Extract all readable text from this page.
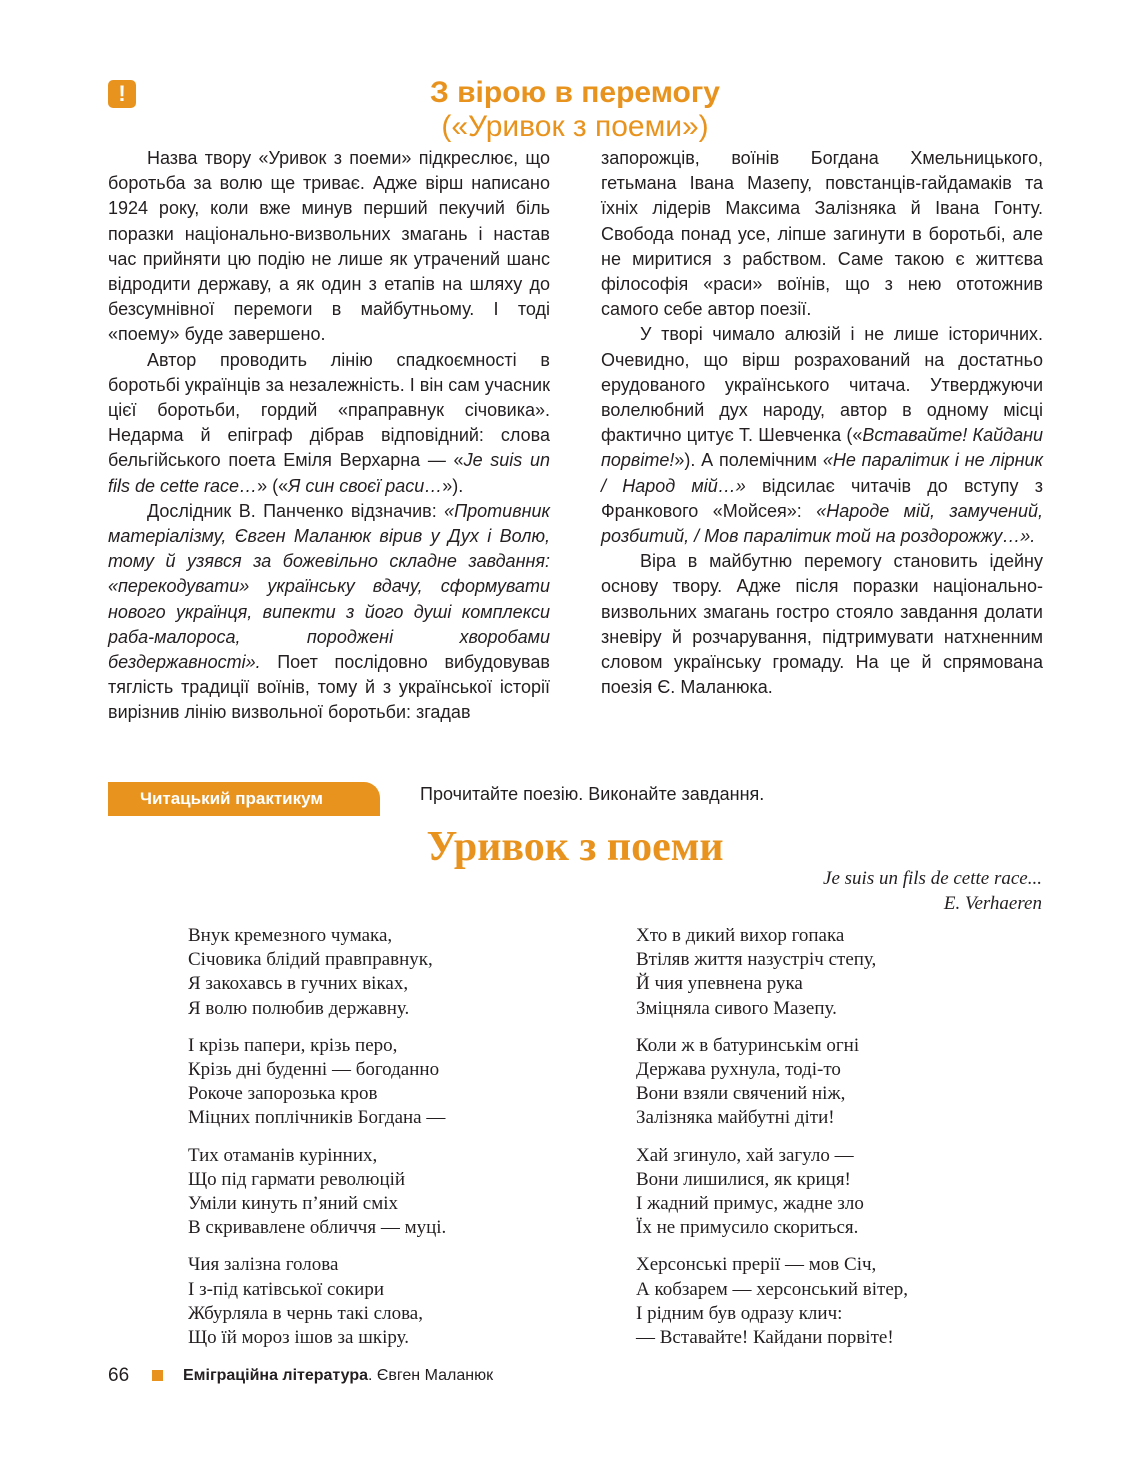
!	З вірою в перемогу
(«Уривок з поеми»)

Назва твору «Уривок з поеми» підкреслює, що боротьба за волю ще триває. Адже вірш написано 1924 року, коли вже минув перший пекучий біль поразки національно-визвольних змагань і настав час прийняти цю подію не лише як утрачений шанс відродити державу, а як один з етапів на шляху до безсумнівної перемоги в майбутньому. І тоді «поему» буде завершено.

Автор проводить лінію спадкоємності в боротьбі українців за незалежність. І він сам учасник цієї боротьби, гордий «праправнук січовика». Недарма й епіграф дібрав відповідний: слова бельгійського поета Еміля Верхарна — «Je suis un fils de cette race…» («Я син своєї раси…»).

Дослідник В. Панченко відзначив: «Противник матеріалізму, Євген Маланюк вірив у Дух і Волю, тому й узявся за божевільно складне завдання: «перекодувати» українську вдачу, сформувати нового українця, випекти з його душі комплекси раба-малороса, породжені хворобами бездержавності». Поет послідовно вибудовував тяглість традиції воїнів, тому й з української історії вирізнив лінію визвольної боротьби: згадав

запорожців, воїнів Богдана Хмельницького, гетьмана Івана Мазепу, повстанців-гайдамаків та їхніх лідерів Максима Залізняка й Івана Гонту. Свобода понад усе, ліпше загинути в боротьбі, але не миритися з рабством. Саме такою є життєва філософія «раси» воїнів, що з нею ототожнив самого себе автор поезії.

У творі чимало алюзій і не лише історичних. Очевидно, що вірш розрахований на достатньо ерудованого українського читача. Утверджуючи волелюбний дух народу, автор в одному місці фактично цитує Т. Шевченка («Вставайте! Кайдани порвіте!»). А полемічним «Не паралітик і не лірник / Народ мій…» відсилає читачів до вступу з Франкового «Мойсея»: «Народе мій, замучений, розбитий, / Мов паралітик той на роздорожжу…».

Віра в майбутню перемогу становить ідейну основу твору. Адже після поразки національно-визвольних змагань гостро стояло завдання долати зневіру й розчарування, підтримувати натхненним словом українську громаду. На це й спрямована поезія Є. Маланюка.

Читацький практикум	Прочитайте поезію. Виконайте завдання.
Уривок з поеми
Je suis un fils de cette race...
E. Verhaeren
Внук кремезного чумака,
Січовика блідий правправнук,
Я закохавсь в гучних віках,
Я волю полюбив державну.
І крізь папери, крізь перо,
Крізь дні буденні — богоданно
Рокоче запорозька кров
Міцних поплічників Богдана —
Тих отаманів курінних,
Що під гармати революцій
Уміли кинуть п’яний сміх
В скривавлене обличчя — муці.
Чия залізна голова
І з-під катівської сокири
Жбурляла в чернь такі слова,
Що їй мороз ішов за шкіру.
Хто в дикий вихор гопака
Втіляв життя назустріч степу,
Й чия упевнена рука
Зміцняла сивого Мазепу.
Коли ж в батуринськім огні
Держава рухнула, тоді-то
Вони взяли свячений ніж,
Залізняка майбутні діти!
Хай згинуло, хай загуло —
Вони лишилися, як криця!
І жадний примус, жадне зло
Їх не примусило скориться.
Херсонські прерії — мов Січ,
А кобзарем — херсонський вітер,
І рідним був одразу клич:
— Вставайте! Кайдани порвіте!
66	Еміграційна література. Євген Маланюк
